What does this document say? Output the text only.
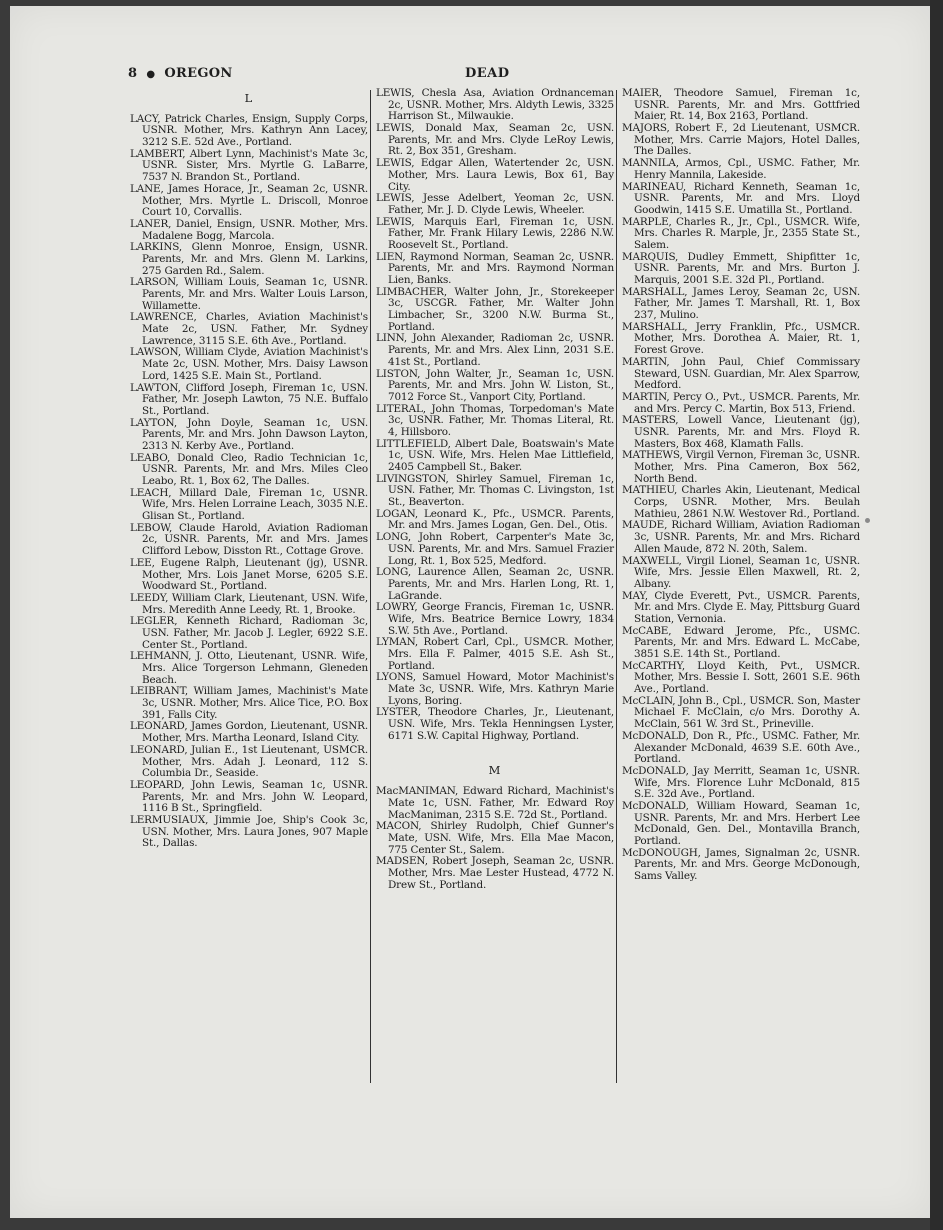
8 ● OREGON	DEAD
L

LACY, Patrick Charles, Ensign, Supply Corps, USNR. Mother, Mrs. Kathryn Ann Lacey, 3212 S.E. 52d Ave., Portland.

LAMBERT, Albert Lynn, Machinist's Mate 3c, USNR. Sister, Mrs. Myrtle G. LaBarre, 7537 N. Brandon St., Portland.

LANE, James Horace, Jr., Seaman 2c, USNR. Mother, Mrs. Myrtle L. Driscoll, Monroe Court 10, Corvallis.

LANER, Daniel, Ensign, USNR. Mother, Mrs. Madalene Bogg, Marcola.

LARKINS, Glenn Monroe, Ensign, USNR. Parents, Mr. and Mrs. Glenn M. Larkins, 275 Garden Rd., Salem.

LARSON, William Louis, Seaman 1c, USNR. Parents, Mr. and Mrs. Walter Louis Larson, Willamette.

LAWRENCE, Charles, Aviation Machinist's Mate 2c, USN. Father, Mr. Sydney Lawrence, 3115 S.E. 6th Ave., Portland.

LAWSON, William Clyde, Aviation Machinist's Mate 2c, USN. Mother, Mrs. Daisy Lawson Lord, 1425 S.E. Main St., Portland.

LAWTON, Clifford Joseph, Fireman 1c, USN. Father, Mr. Joseph Lawton, 75 N.E. Buffalo St., Portland.

LAYTON, John Doyle, Seaman 1c, USN. Parents, Mr. and Mrs. John Dawson Layton, 2313 N. Kerby Ave., Portland.

LEABO, Donald Cleo, Radio Technician 1c, USNR. Parents, Mr. and Mrs. Miles Cleo Leabo, Rt. 1, Box 62, The Dalles.

LEACH, Millard Dale, Fireman 1c, USNR. Wife, Mrs. Helen Lorraine Leach, 3035 N.E. Glisan St., Portland.

LEBOW, Claude Harold, Aviation Radioman 2c, USNR. Parents, Mr. and Mrs. James Clifford Lebow, Disston Rt., Cottage Grove.

LEE, Eugene Ralph, Lieutenant (jg), USNR. Mother, Mrs. Lois Janet Morse, 6205 S.E. Woodward St., Portland.

LEEDY, William Clark, Lieutenant, USN. Wife, Mrs. Meredith Anne Leedy, Rt. 1, Brooke.

LEGLER, Kenneth Richard, Radioman 3c, USN. Father, Mr. Jacob J. Legler, 6922 S.E. Center St., Portland.

LEHMANN, J. Otto, Lieutenant, USNR. Wife, Mrs. Alice Torgerson Lehmann, Gleneden Beach.

LEIBRANT, William James, Machinist's Mate 3c, USNR. Mother, Mrs. Alice Tice, P.O. Box 391, Falls City.

LEONARD, James Gordon, Lieutenant, USNR. Mother, Mrs. Martha Leonard, Island City.

LEONARD, Julian E., 1st Lieutenant, USMCR. Mother, Mrs. Adah J. Leonard, 112 S. Columbia Dr., Seaside.

LEOPARD, John Lewis, Seaman 1c, USNR. Parents, Mr. and Mrs. John W. Leopard, 1116 B St., Springfield.

LERMUSIAUX, Jimmie Joe, Ship's Cook 3c, USN. Mother, Mrs. Laura Jones, 907 Maple St., Dallas.

LEWIS, Chesla Asa, Aviation Ordnanceman 2c, USNR. Mother, Mrs. Aldyth Lewis, 3325 Harrison St., Milwaukie.

LEWIS, Donald Max, Seaman 2c, USN. Parents, Mr. and Mrs. Clyde LeRoy Lewis, Rt. 2, Box 351, Gresham.

LEWIS, Edgar Allen, Watertender 2c, USN. Mother, Mrs. Laura Lewis, Box 61, Bay City.

LEWIS, Jesse Adelbert, Yeoman 2c, USN. Father, Mr. J. D. Clyde Lewis, Wheeler.

LEWIS, Marquis Earl, Fireman 1c, USN. Father, Mr. Frank Hilary Lewis, 2286 N.W. Roosevelt St., Portland.

LIEN, Raymond Norman, Seaman 2c, USNR. Parents, Mr. and Mrs. Raymond Norman Lien, Banks.

LIMBACHER, Walter John, Jr., Storekeeper 3c, USCGR. Father, Mr. Walter John Limbacher, Sr., 3200 N.W. Burma St., Portland.

LINN, John Alexander, Radioman 2c, USNR. Parents, Mr. and Mrs. Alex Linn, 2031 S.E. 41st St., Portland.

LISTON, John Walter, Jr., Seaman 1c, USN. Parents, Mr. and Mrs. John W. Liston, St., 7012 Force St., Vanport City, Portland.

LITERAL, John Thomas, Torpedoman's Mate 3c, USNR. Father, Mr. Thomas Literal, Rt. 4, Hillsboro.

LITTLEFIELD, Albert Dale, Boatswain's Mate 1c, USN. Wife, Mrs. Helen Mae Littlefield, 2405 Campbell St., Baker.

LIVINGSTON, Shirley Samuel, Fireman 1c, USN. Father, Mr. Thomas C. Livingston, 1st St., Beaverton.

LOGAN, Leonard K., Pfc., USMCR. Parents, Mr. and Mrs. James Logan, Gen. Del., Otis.

LONG, John Robert, Carpenter's Mate 3c, USN. Parents, Mr. and Mrs. Samuel Frazier Long, Rt. 1, Box 525, Medford.

LONG, Laurence Allen, Seaman 2c, USNR. Parents, Mr. and Mrs. Harlen Long, Rt. 1, LaGrande.

LOWRY, George Francis, Fireman 1c, USNR. Wife, Mrs. Beatrice Bernice Lowry, 1834 S.W. 5th Ave., Portland.

LYMAN, Robert Carl, Cpl., USMCR. Mother, Mrs. Ella F. Palmer, 4015 S.E. Ash St., Portland.

LYONS, Samuel Howard, Motor Machinist's Mate 3c, USNR. Wife, Mrs. Kathryn Marie Lyons, Boring.

LYSTER, Theodore Charles, Jr., Lieutenant, USN. Wife, Mrs. Tekla Henningsen Lyster, 6171 S.W. Capital Highway, Portland.

M

MacMANIMAN, Edward Richard, Machinist's Mate 1c, USN. Father, Mr. Edward Roy MacManiman, 2315 S.E. 72d St., Portland.

MACON, Shirley Rudolph, Chief Gunner's Mate, USN. Wife, Mrs. Ella Mae Macon, 775 Center St., Salem.

MADSEN, Robert Joseph, Seaman 2c, USNR. Mother, Mrs. Mae Lester Hustead, 4772 N. Drew St., Portland.

MAIER, Theodore Samuel, Fireman 1c, USNR. Parents, Mr. and Mrs. Gottfried Maier, Rt. 14, Box 2163, Portland.

MAJORS, Robert F., 2d Lieutenant, USMCR. Mother, Mrs. Carrie Majors, Hotel Dalles, The Dalles.

MANNILA, Armos, Cpl., USMC. Father, Mr. Henry Mannila, Lakeside.

MARINEAU, Richard Kenneth, Seaman 1c, USNR. Parents, Mr. and Mrs. Lloyd Goodwin, 1415 S.E. Umatilla St., Portland.

MARPLE, Charles R., Jr., Cpl., USMCR. Wife, Mrs. Charles R. Marple, Jr., 2355 State St., Salem.

MARQUIS, Dudley Emmett, Shipfitter 1c, USNR. Parents, Mr. and Mrs. Burton J. Marquis, 2001 S.E. 32d Pl., Portland.

MARSHALL, James Leroy, Seaman 2c, USN. Father, Mr. James T. Marshall, Rt. 1, Box 237, Mulino.

MARSHALL, Jerry Franklin, Pfc., USMCR. Mother, Mrs. Dorothea A. Maier, Rt. 1, Forest Grove.

MARTIN, John Paul, Chief Commissary Steward, USN. Guardian, Mr. Alex Sparrow, Medford.

MARTIN, Percy O., Pvt., USMCR. Parents, Mr. and Mrs. Percy C. Martin, Box 513, Friend.

MASTERS, Lowell Vance, Lieutenant (jg), USNR. Parents, Mr. and Mrs. Floyd R. Masters, Box 468, Klamath Falls.

MATHEWS, Virgil Vernon, Fireman 3c, USNR. Mother, Mrs. Pina Cameron, Box 562, North Bend.

MATHIEU, Charles Akin, Lieutenant, Medical Corps, USNR. Mother, Mrs. Beulah Mathieu, 2861 N.W. Westover Rd., Portland.

MAUDE, Richard William, Aviation Radioman 3c, USNR. Parents, Mr. and Mrs. Richard Allen Maude, 872 N. 20th, Salem.

MAXWELL, Virgil Lionel, Seaman 1c, USNR. Wife, Mrs. Jessie Ellen Maxwell, Rt. 2, Albany.

MAY, Clyde Everett, Pvt., USMCR. Parents, Mr. and Mrs. Clyde E. May, Pittsburg Guard Station, Vernonia.

McCABE, Edward Jerome, Pfc., USMC. Parents, Mr. and Mrs. Edward L. McCabe, 3851 S.E. 14th St., Portland.

McCARTHY, Lloyd Keith, Pvt., USMCR. Mother, Mrs. Bessie I. Sott, 2601 S.E. 96th Ave., Portland.

McCLAIN, John B., Cpl., USMCR. Son, Master Michael F. McClain, c/o Mrs. Dorothy A. McClain, 561 W. 3rd St., Prineville.

McDONALD, Don R., Pfc., USMC. Father, Mr. Alexander McDonald, 4639 S.E. 60th Ave., Portland.

McDONALD, Jay Merritt, Seaman 1c, USNR. Wife, Mrs. Florence Luhr McDonald, 815 S.E. 32d Ave., Portland.

McDONALD, William Howard, Seaman 1c, USNR. Parents, Mr. and Mrs. Herbert Lee McDonald, Gen. Del., Montavilla Branch, Portland.

McDONOUGH, James, Signalman 2c, USNR. Parents, Mr. and Mrs. George McDonough, Sams Valley.
